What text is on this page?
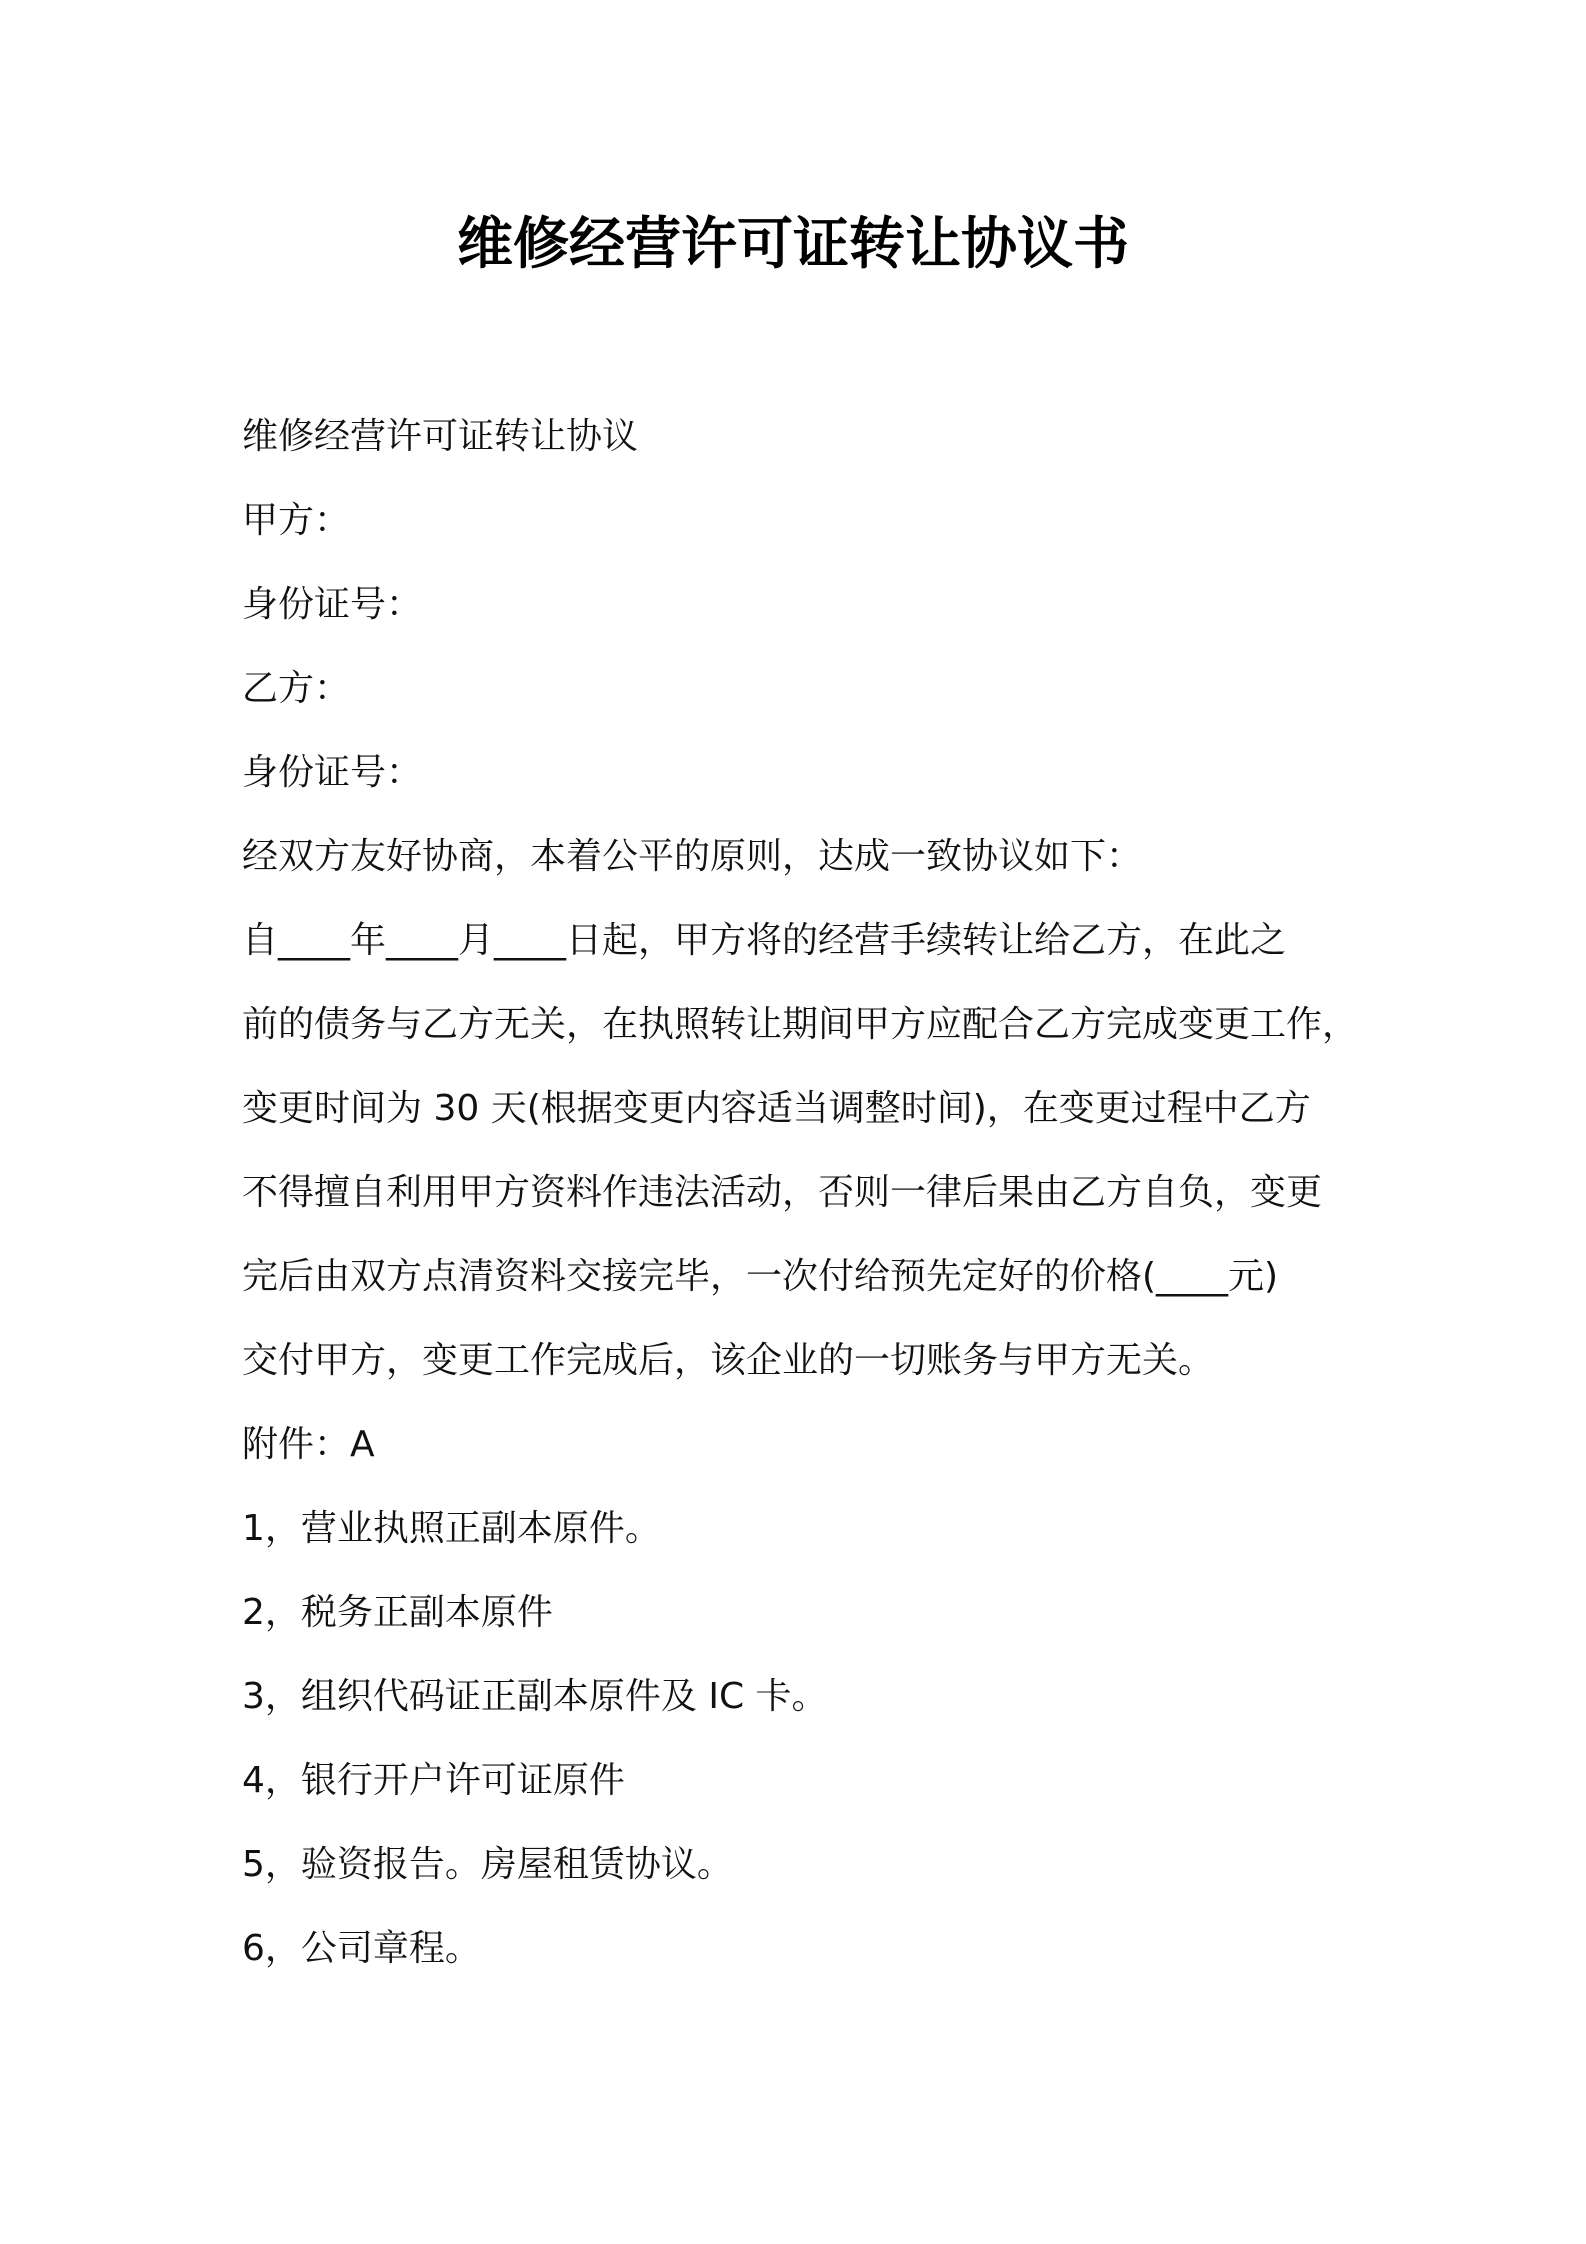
维修经营许可证转让协议书
维修经营许可证转让协议
甲方：
身份证号：
乙方：
身份证号：
经双方友好协商，本着公平的原则，达成一致协议如下：
自____年____月____日起，甲方将的经营手续转让给乙方，在此之
前的债务与乙方无关，在执照转让期间甲方应配合乙方完成变更工作，
变更时间为 30 天(根据变更内容适当调整时间)，在变更过程中乙方
不得擅自利用甲方资料作违法活动，否则一律后果由乙方自负，变更
完后由双方点清资料交接完毕，一次付给预先定好的价格(____元)
交付甲方，变更工作完成后，该企业的一切账务与甲方无关。
附件：A
1，营业执照正副本原件。
2，税务正副本原件
3，组织代码证正副本原件及 IC 卡。
4，银行开户许可证原件
5，验资报告。房屋租赁协议。
6，公司章程。
